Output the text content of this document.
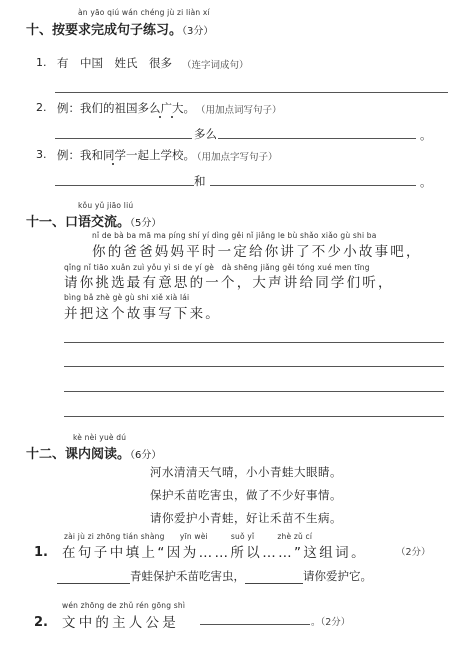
àn yāo qiú wán chéng jù zi liàn xí
十、按要求完成句子练习。（3分）
1. 有　中国　姓氏　很多 （连字词成句）
2. 例：我们的祖国多么广大。 （用加点词写句子）
多么	。
3. 例：我和同学一起上学校。
（用加点字写句子）
和	。
kǒu yǔ jiāo liú
十一、口语交流。（5分）
nǐ de bà ba mā ma píng shí yí dìng gěi nǐ jiǎng le bù shǎo xiǎo gù shi ba
你的爸爸妈妈平时一定给你讲了不少小故事吧，
qǐng nǐ tiāo xuǎn zuì yǒu yì si de yí gè　dà shēng jiǎng gěi tóng xué men tīng
请你挑选最有意思的一个，大声讲给同学们听，
bìng bǎ zhè gè gù shi xiě xià lái
并把这个故事写下来。
kè nèi yuè dú
十二、课内阅读。（6分）
河水清清天气晴，小小青蛙大眼睛。
保护禾苗吃害虫，做了不少好事情。
请你爱护小青蛙，好让禾苗不生病。
zài jù zi zhōng tián shàng　　yīn wèi　　　suǒ yǐ　　　zhè zǔ cí
1. 在句子中填上“因为……所以……”这组词。	（2分）
青蛙保护禾苗吃害虫，	请你爱护它。
wén zhōng de zhǔ rén gōng shì
2. 文中的主人公是	。（2分）
